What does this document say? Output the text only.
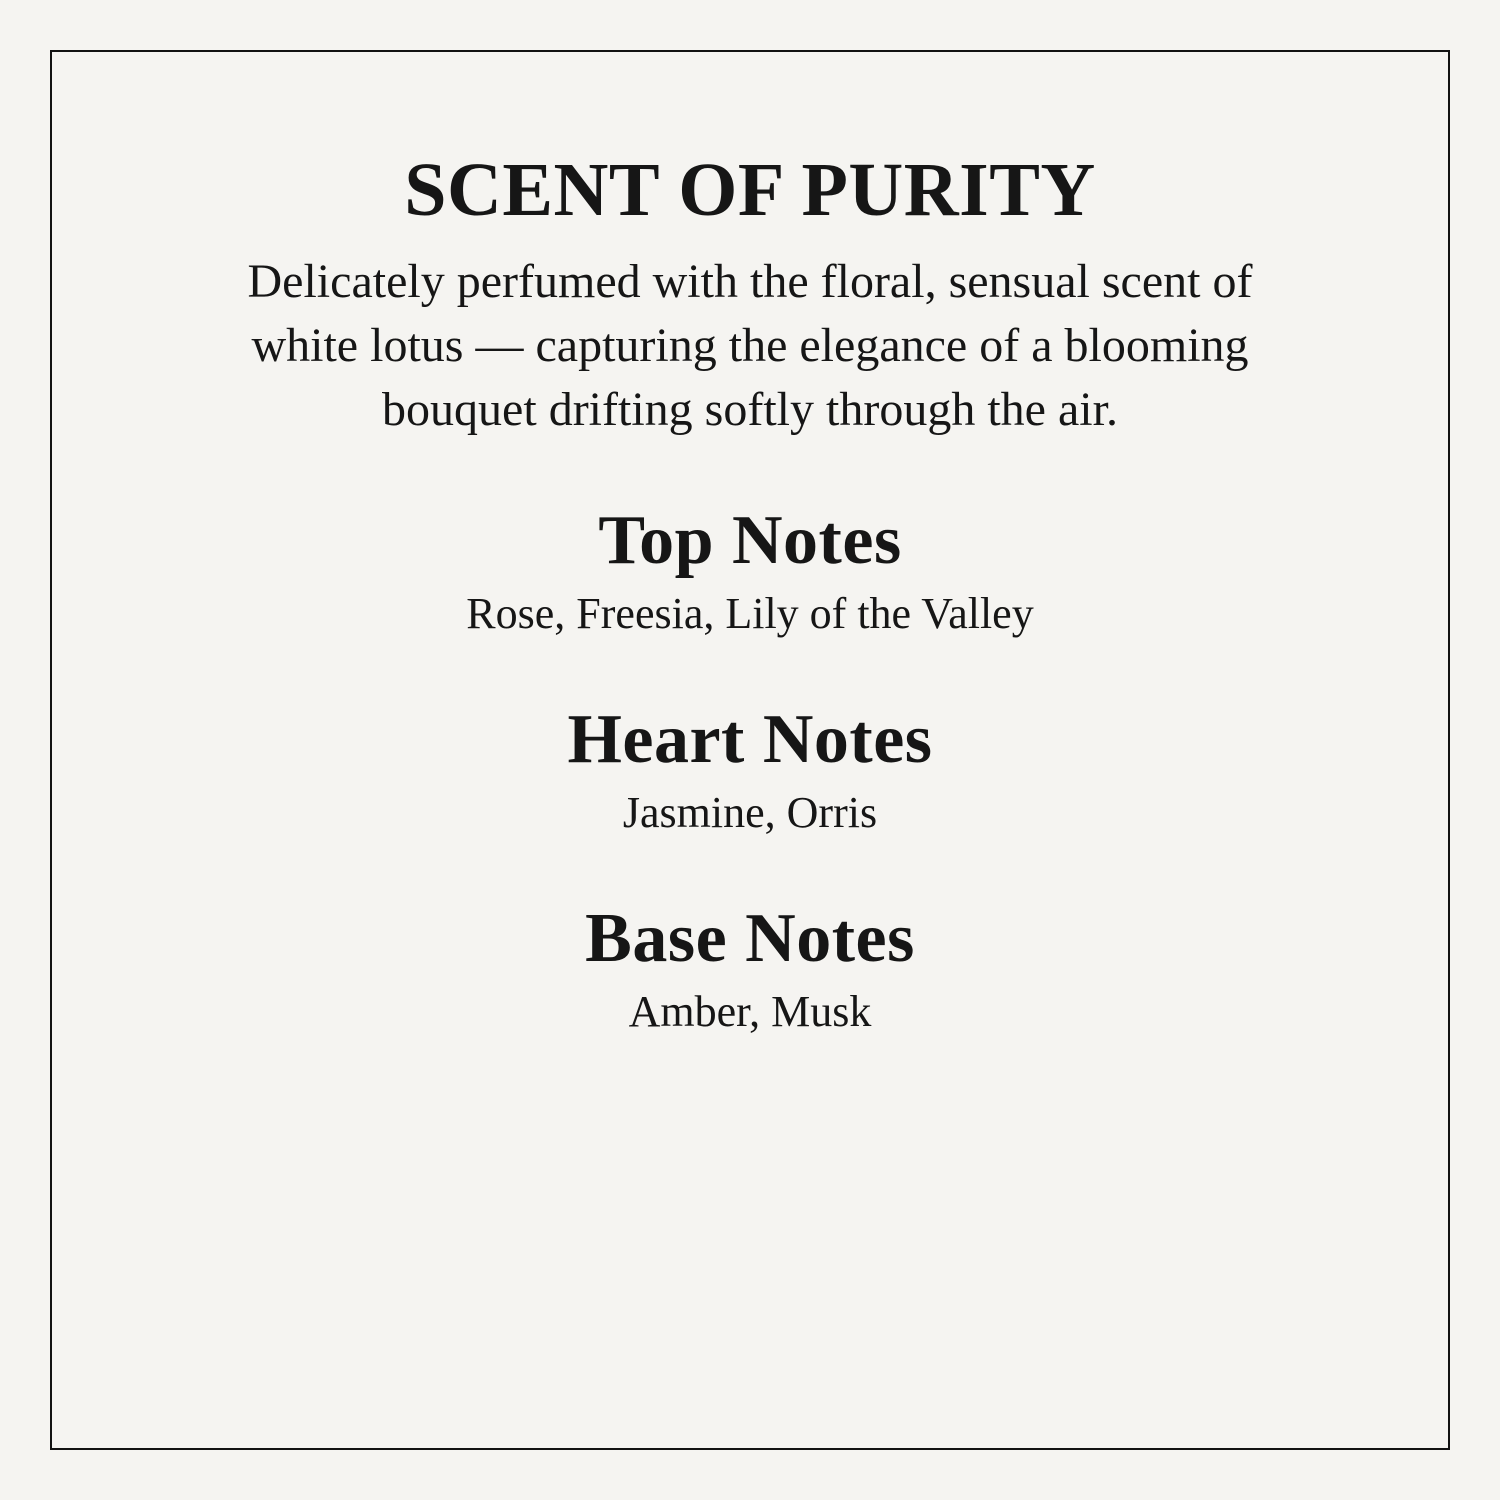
SCENT OF PURITY
Delicately perfumed with the floral, sensual scent of
white lotus — capturing the elegance of a blooming
bouquet drifting softly through the air.
Top Notes
Rose, Freesia, Lily of the Valley
Heart Notes
Jasmine, Orris
Base Notes
Amber, Musk
